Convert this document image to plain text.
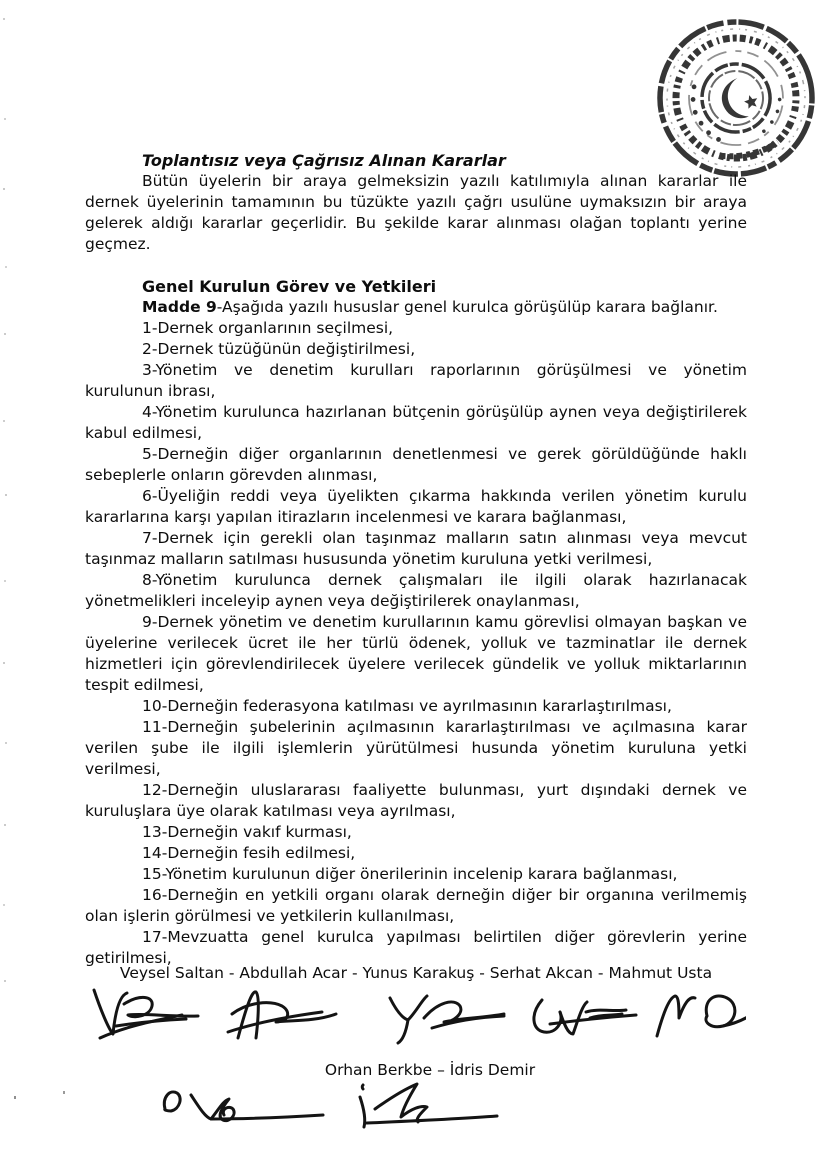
Toplantısız veya Çağrısız Alınan Kararlar

Bütün üyelerin bir araya gelmeksizin yazılı katılımıyla alınan kararlar ile dernek üyelerinin tamamının bu tüzükte yazılı çağrı usulüne uymaksızın bir araya gelerek aldığı kararlar geçerlidir. Bu şekilde karar alınması olağan toplantı yerine geçmez.

Genel Kurulun Görev ve Yetkileri

Madde 9-Aşağıda yazılı hususlar genel kurulca görüşülüp karara bağlanır.

1-Dernek organlarının seçilmesi,

2-Dernek tüzüğünün değiştirilmesi,

3-Yönetim ve denetim kurulları raporlarının görüşülmesi ve yönetim kurulunun ibrası,

4-Yönetim kurulunca hazırlanan bütçenin görüşülüp aynen veya değiştirilerek kabul edilmesi,

5-Derneğin diğer organlarının denetlenmesi ve gerek görüldüğünde haklı sebeplerle onların görevden alınması,

6-Üyeliğin reddi veya üyelikten çıkarma hakkında verilen yönetim kurulu kararlarına karşı yapılan itirazların incelenmesi ve karara bağlanması,

7-Dernek için gerekli olan taşınmaz malların satın alınması veya mevcut taşınmaz malların satılması hususunda yönetim kuruluna yetki verilmesi,

8-Yönetim kurulunca dernek çalışmaları ile ilgili olarak hazırlanacak yönetmelikleri inceleyip aynen veya değiştirilerek onaylanması,

9-Dernek yönetim ve denetim kurullarının kamu görevlisi olmayan başkan ve üyelerine verilecek ücret ile her türlü ödenek, yolluk ve tazminatlar ile dernek hizmetleri için görevlendirilecek üyelere verilecek gündelik ve yolluk miktarlarının tespit edilmesi,

10-Derneğin federasyona katılması ve ayrılmasının kararlaştırılması,

11-Derneğin şubelerinin açılmasının kararlaştırılması ve açılmasına karar verilen şube ile ilgili işlemlerin yürütülmesi husunda yönetim kuruluna yetki verilmesi,

12-Derneğin uluslararası faaliyette bulunması, yurt dışındaki dernek ve kuruluşlara üye olarak katılması veya ayrılması,

13-Derneğin vakıf kurması,

14-Derneğin fesih edilmesi,

15-Yönetim kurulunun diğer önerilerinin incelenip karara bağlanması,

16-Derneğin en yetkili organı olarak derneğin diğer bir organına verilmemiş olan işlerin görülmesi ve yetkilerin kullanılması,

17-Mevzuatta genel kurulca yapılması belirtilen diğer görevlerin yerine getirilmesi,

Veysel Saltan - Abdullah Acar - Yunus Karakuş - Serhat Akcan - Mahmut Usta

Orhan Berkbe – İdris Demir
